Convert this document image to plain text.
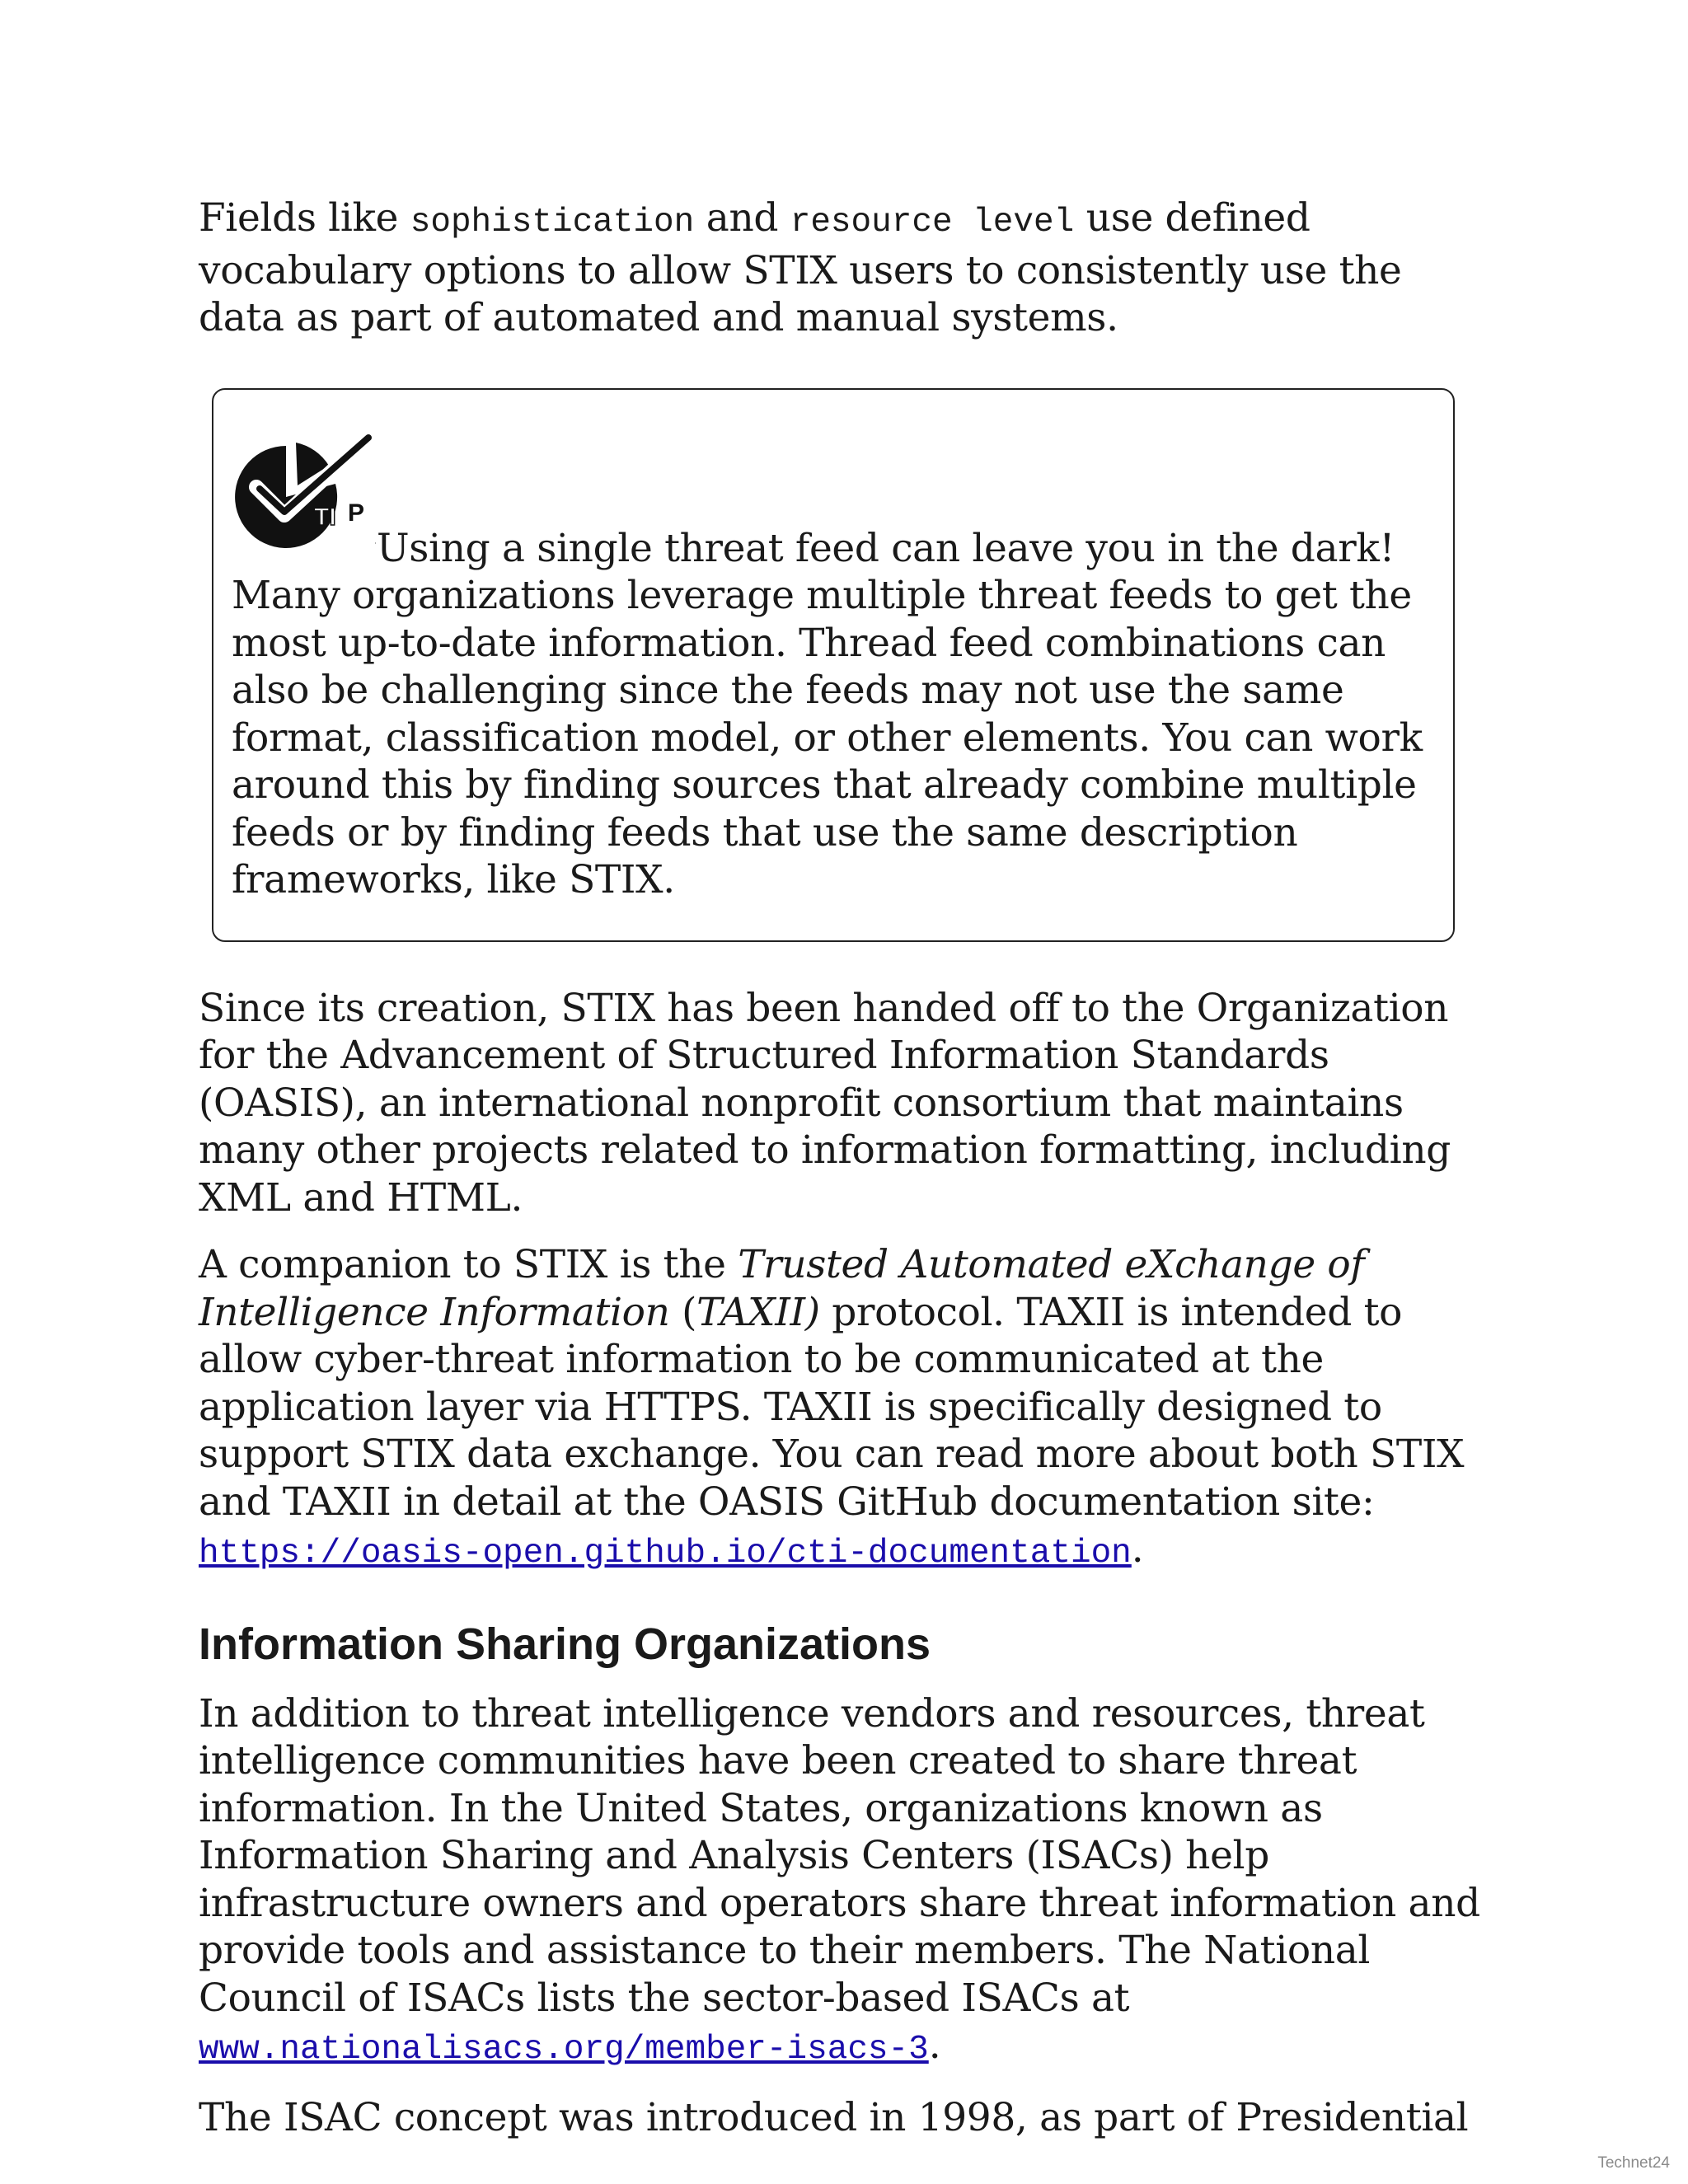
Fields like sophistication and resource level use defined vocabulary options to allow STIX users to consistently use the data as part of automated and manual systems.

TI P

Using a single threat feed can leave you in the dark! Many organizations leverage multiple threat feeds to get the most up-to-date information. Thread feed combinations can also be challenging since the feeds may not use the same format, classification model, or other elements. You can work around this by finding sources that already combine multiple feeds or by finding feeds that use the same description frameworks, like STIX.

Since its creation, STIX has been handed off to the Organization for the Advancement of Structured Information Standards (OASIS), an international nonprofit consortium that maintains many other projects related to information formatting, including XML and HTML.

A companion to STIX is the Trusted Automated eXchange of Intelligence Information (TAXII) protocol. TAXII is intended to allow cyber-threat information to be communicated at the application layer via HTTPS. TAXII is specifically designed to support STIX data exchange. You can read more about both STIX and TAXII in detail at the OASIS GitHub documentation site: https://oasis-open.github.io/cti-documentation.

Information Sharing Organizations

In addition to threat intelligence vendors and resources, threat intelligence communities have been created to share threat information. In the United States, organizations known as Information Sharing and Analysis Centers (ISACs) help infrastructure owners and operators share threat information and provide tools and assistance to their members. The National Council of ISACs lists the sector-based ISACs at www.nationalisacs.org/member-isacs-3.

The ISAC concept was introduced in 1998, as part of Presidential

Technet24
